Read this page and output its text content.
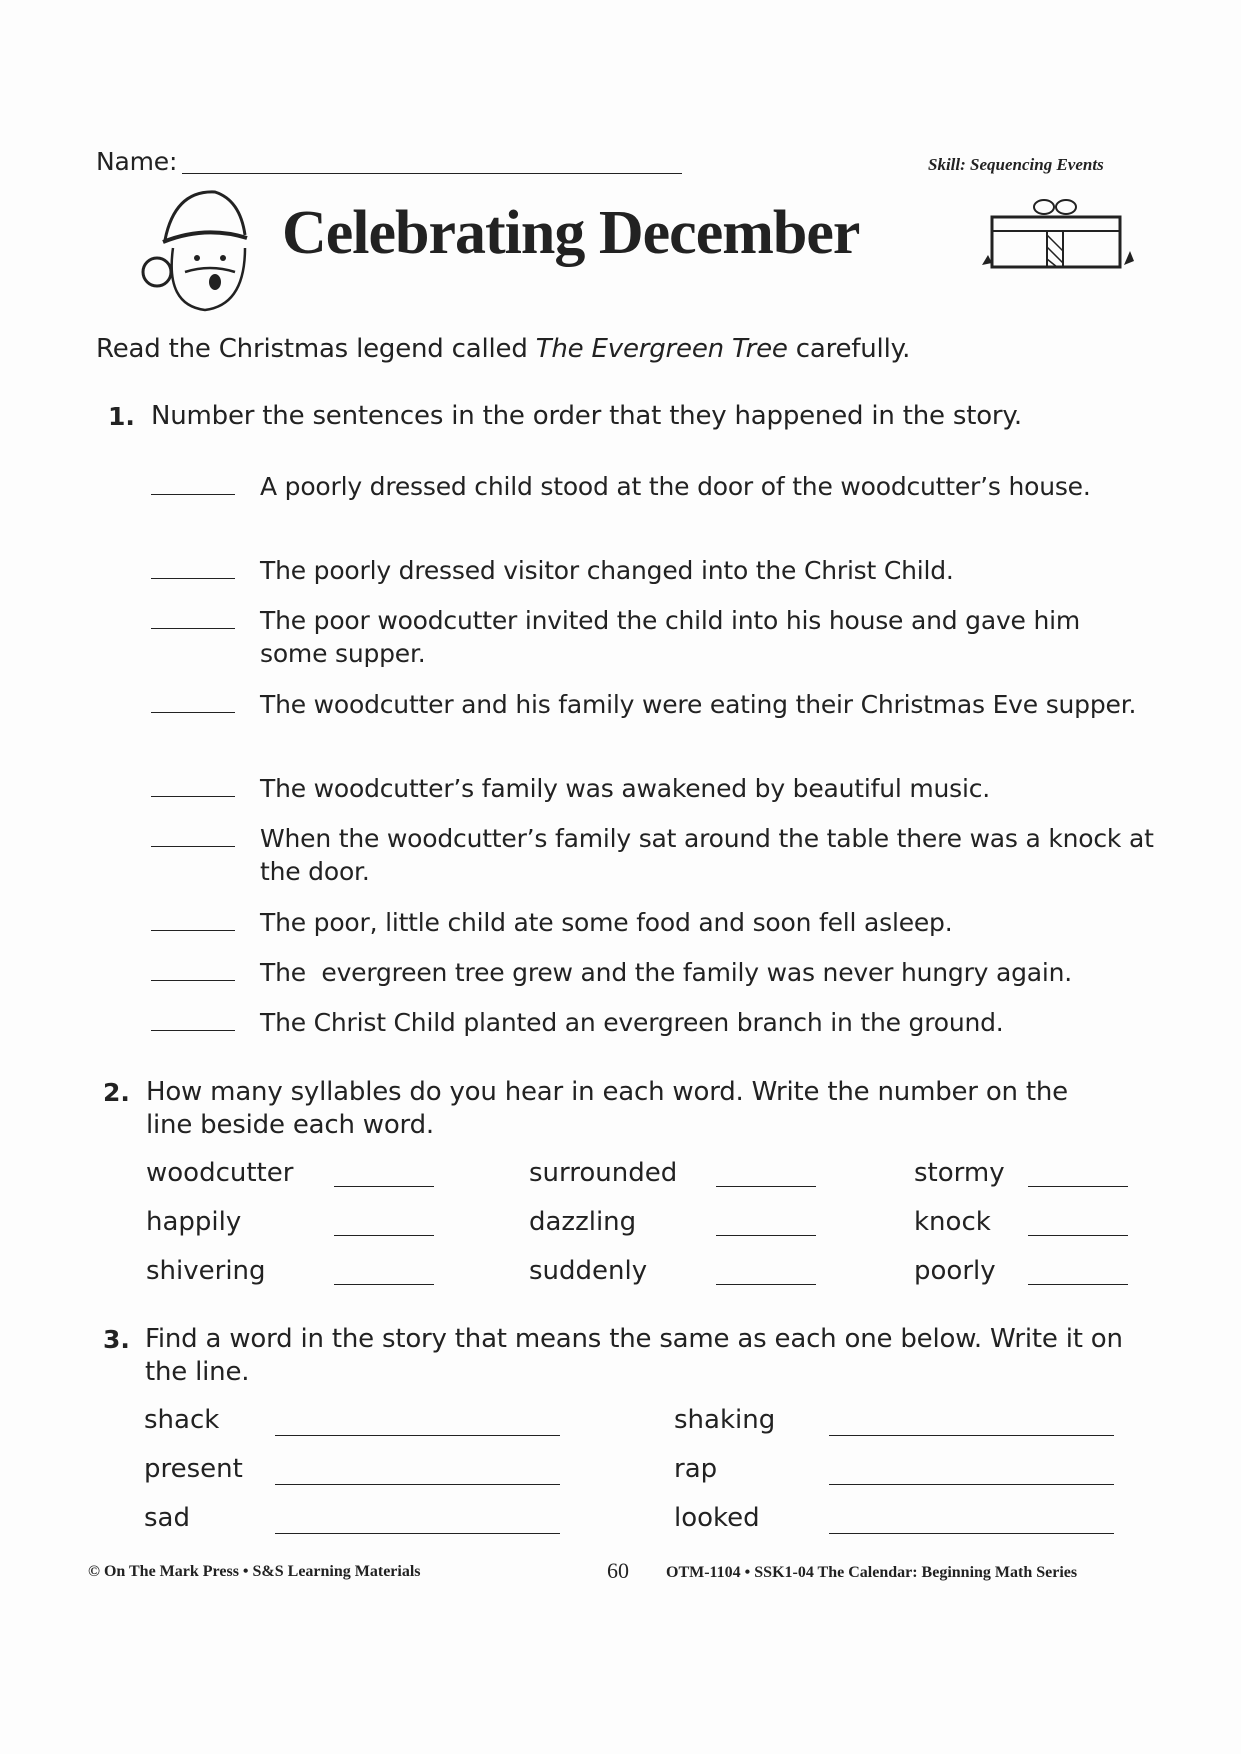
Name:	Skill: Sequencing Events
Celebrating December
Read the Christmas legend called The Evergreen Tree carefully.
1. Number the sentences in the order that they happened in the story.
A poorly dressed child stood at the door of the woodcutter’s house.
The poorly dressed visitor changed into the Christ Child.
The poor woodcutter invited the child into his house and gave him some supper.
The woodcutter and his family were eating their Christmas Eve supper.
The woodcutter’s family was awakened by beautiful music.
When the woodcutter’s family sat around the table there was a knock at the door.
The poor, little child ate some food and soon fell asleep.
The  evergreen tree grew and the family was never hungry again.
The Christ Child planted an evergreen branch in the ground.
2. How many syllables do you hear in each word. Write the number on the line beside each word.
woodcutter	surrounded	stormy
happily	dazzling	knock
shivering	suddenly	poorly
3. Find a word in the story that means the same as each one below. Write it on the line.
shack	shaking
present	rap
sad	looked
© On The Mark Press • S&S Learning Materials	60 OTM-1104 • SSK1-04 The Calendar: Beginning Math Series
